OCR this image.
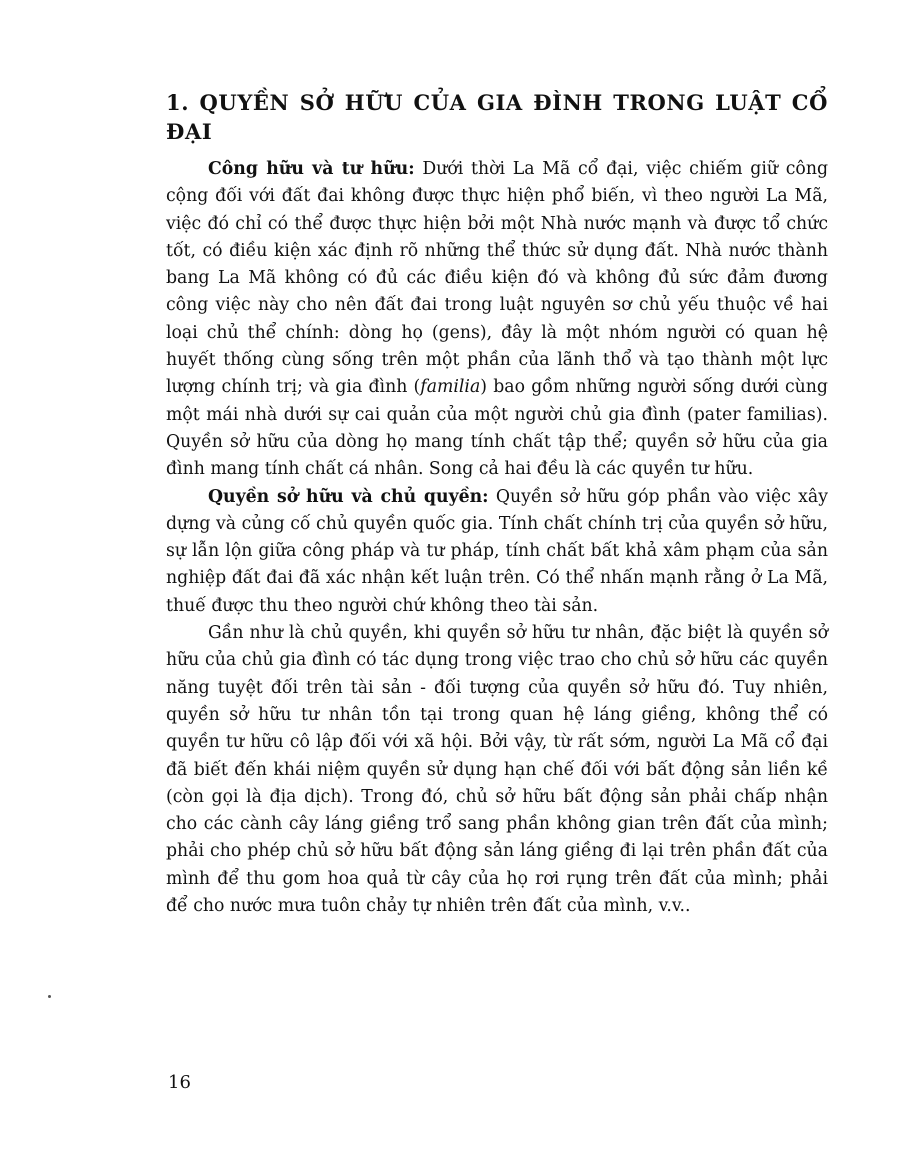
1. QUYỀN SỞ HỮU CỦA GIA ĐÌNH TRONG LUẬT CỔ ĐẠI

Công hữu và tư hữu: Dưới thời La Mã cổ đại, việc chiếm giữ công cộng đối với đất đai không được thực hiện phổ biến, vì theo người La Mã, việc đó chỉ có thể được thực hiện bởi một Nhà nước mạnh và được tổ chức tốt, có điều kiện xác định rõ những thể thức sử dụng đất. Nhà nước thành bang La Mã không có đủ các điều kiện đó và không đủ sức đảm đương công việc này cho nên đất đai trong luật nguyên sơ chủ yếu thuộc về hai loại chủ thể chính: dòng họ (gens), đây là một nhóm người có quan hệ huyết thống cùng sống trên một phần của lãnh thổ và tạo thành một lực lượng chính trị; và gia đình (familia) bao gồm những người sống dưới cùng một mái nhà dưới sự cai quản của một người chủ gia đình (pater familias). Quyền sở hữu của dòng họ mang tính chất tập thể; quyền sở hữu của gia đình mang tính chất cá nhân. Song cả hai đều là các quyền tư hữu.

Quyền sở hữu và chủ quyền: Quyền sở hữu góp phần vào việc xây dựng và củng cố chủ quyền quốc gia. Tính chất chính trị của quyền sở hữu, sự lẫn lộn giữa công pháp và tư pháp, tính chất bất khả xâm phạm của sản nghiệp đất đai đã xác nhận kết luận trên. Có thể nhấn mạnh rằng ở La Mã, thuế được thu theo người chứ không theo tài sản.

Gần như là chủ quyền, khi quyền sở hữu tư nhân, đặc biệt là quyền sở hữu của chủ gia đình có tác dụng trong việc trao cho chủ sở hữu các quyền năng tuyệt đối trên tài sản - đối tượng của quyền sở hữu đó. Tuy nhiên, quyền sở hữu tư nhân tồn tại trong quan hệ láng giềng, không thể có quyền tư hữu cô lập đối với xã hội. Bởi vậy, từ rất sớm, người La Mã cổ đại đã biết đến khái niệm quyền sử dụng hạn chế đối với bất động sản liền kề (còn gọi là địa dịch). Trong đó, chủ sở hữu bất động sản phải chấp nhận cho các cành cây láng giềng trổ sang phần không gian trên đất của mình; phải cho phép chủ sở hữu bất động sản láng giềng đi lại trên phần đất của mình để thu gom hoa quả từ cây của họ rơi rụng trên đất của mình; phải để cho nước mưa tuôn chảy tự nhiên trên đất của mình, v.v..

16
